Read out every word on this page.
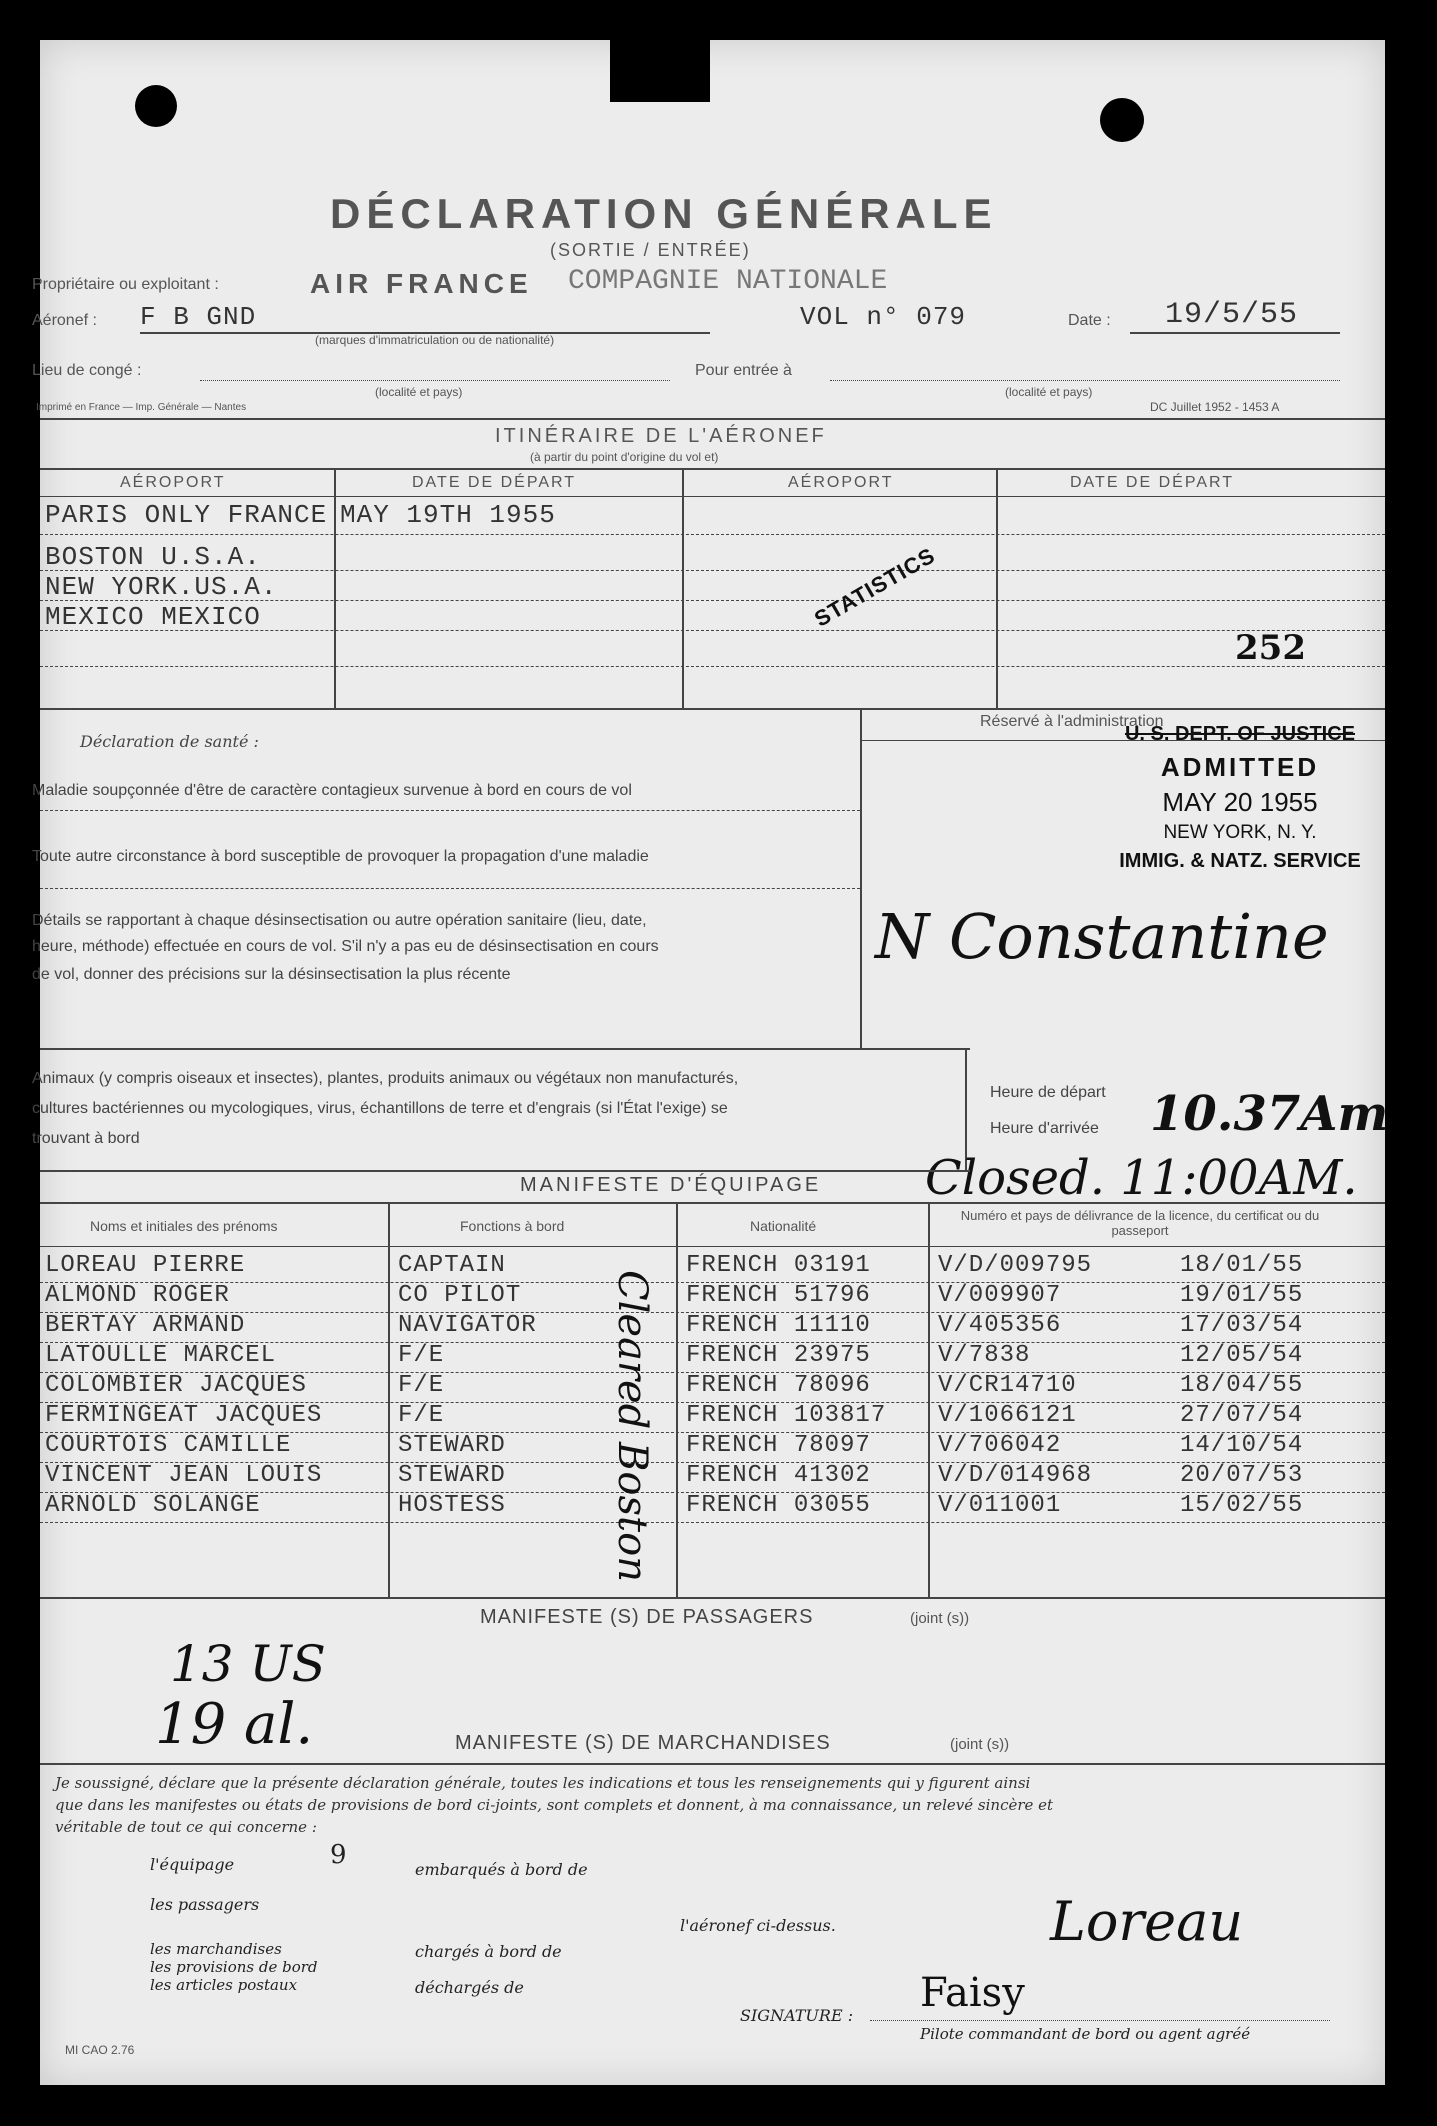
DÉCLARATION GÉNÉRALE
(SORTIE / ENTRÉE)
Propriétaire ou exploitant :	AIR FRANCE COMPAGNIE NATIONALE
Aéronef : F B GND
(marques d'immatriculation ou de nationalité)
VOL n° 079	Date : 19/5/55
Lieu de congé :
(localité et pays)
Pour entrée à
(localité et pays)
Imprimé en France — Imp. Générale — Nantes	DC Juillet 1952 - 1453 A
ITINÉRAIRE DE L'AÉRONEF
(à partir du point d'origine du vol et)
AÉROPORT	DATE DE DÉPART	AÉROPORT	DATE DE DÉPART
PARIS ONLY FRANCE MAY 19TH 1955
BOSTON U.S.A.
NEW YORK.US.A.
MEXICO MEXICO	STATISTICS
252
Déclaration de santé :
Maladie soupçonnée d'être de caractère contagieux survenue à bord en cours de vol
Toute autre circonstance à bord susceptible de provoquer la propagation d'une maladie
Détails se rapportant à chaque désinsectisation ou autre opération sanitaire (lieu, date,
heure, méthode) effectuée en cours de vol. S'il n'y a pas eu de désinsectisation en cours
de vol, donner des précisions sur la désinsectisation la plus récente
Réservé à l'administration
U. S. DEPT. OF JUSTICE
ADMITTED
MAY 20 1955
NEW YORK, N. Y.
IMMIG. & NATZ. SERVICE
N Constantine
Animaux (y compris oiseaux et insectes), plantes, produits animaux ou végétaux non manufacturés,
cultures bactériennes ou mycologiques, virus, échantillons de terre et d'engrais (si l'État l'exige) se
trouvant à bord
Heure de départ
Heure d'arrivée 10.37Am
Closed. 11:00AM.
MANIFESTE D'ÉQUIPAGE
Noms et initiales des prénoms	Fonctions à bord	Nationalité
Numéro et pays de délivrance de la licence, du certificat ou du passeport
LOREAU PIERRE	CAPTAIN	FRENCH 03191	V/D/009795	18/01/55
ALMOND ROGER	CO PILOT	FRENCH 51796	V/009907	19/01/55
BERTAY ARMAND	NAVIGATOR	FRENCH 11110	V/405356	17/03/54
LATOULLE MARCEL	F/E	FRENCH 23975	V/7838	12/05/54
COLOMBIER JACQUES	F/E	FRENCH 78096	V/CR14710	18/04/55
FERMINGEAT JACQUES	F/E	FRENCH 103817 V/1066121	27/07/54
COURTOIS CAMILLE	STEWARD	FRENCH 78097	V/706042	14/10/54
VINCENT JEAN LOUIS	STEWARD	FRENCH 41302	V/D/014968	20/07/53
ARNOLD SOLANGE	HOSTESS	FRENCH 03055	V/011001	15/02/55
Cleared Boston
MANIFESTE (S) DE PASSAGERS	(joint (s))
13 US
19 al.	MANIFESTE (S) DE MARCHANDISES	(joint (s))
Je soussigné, déclare que la présente déclaration générale, toutes les indications et tous les renseignements qui y figurent ainsi
que dans les manifestes ou états de provisions de bord ci-joints, sont complets et donnent, à ma connaissance, un relevé sincère et
véritable de tout ce qui concerne :
l'équipage	9
les passagers
embarqués à bord de
les marchandises
les provisions de bord
les articles postaux
chargés à bord de
déchargés de
l'aéronef ci-dessus.
SIGNATURE :
Loreau
Faisy
Pilote commandant de bord ou agent agréé
MI CAO 2.76
